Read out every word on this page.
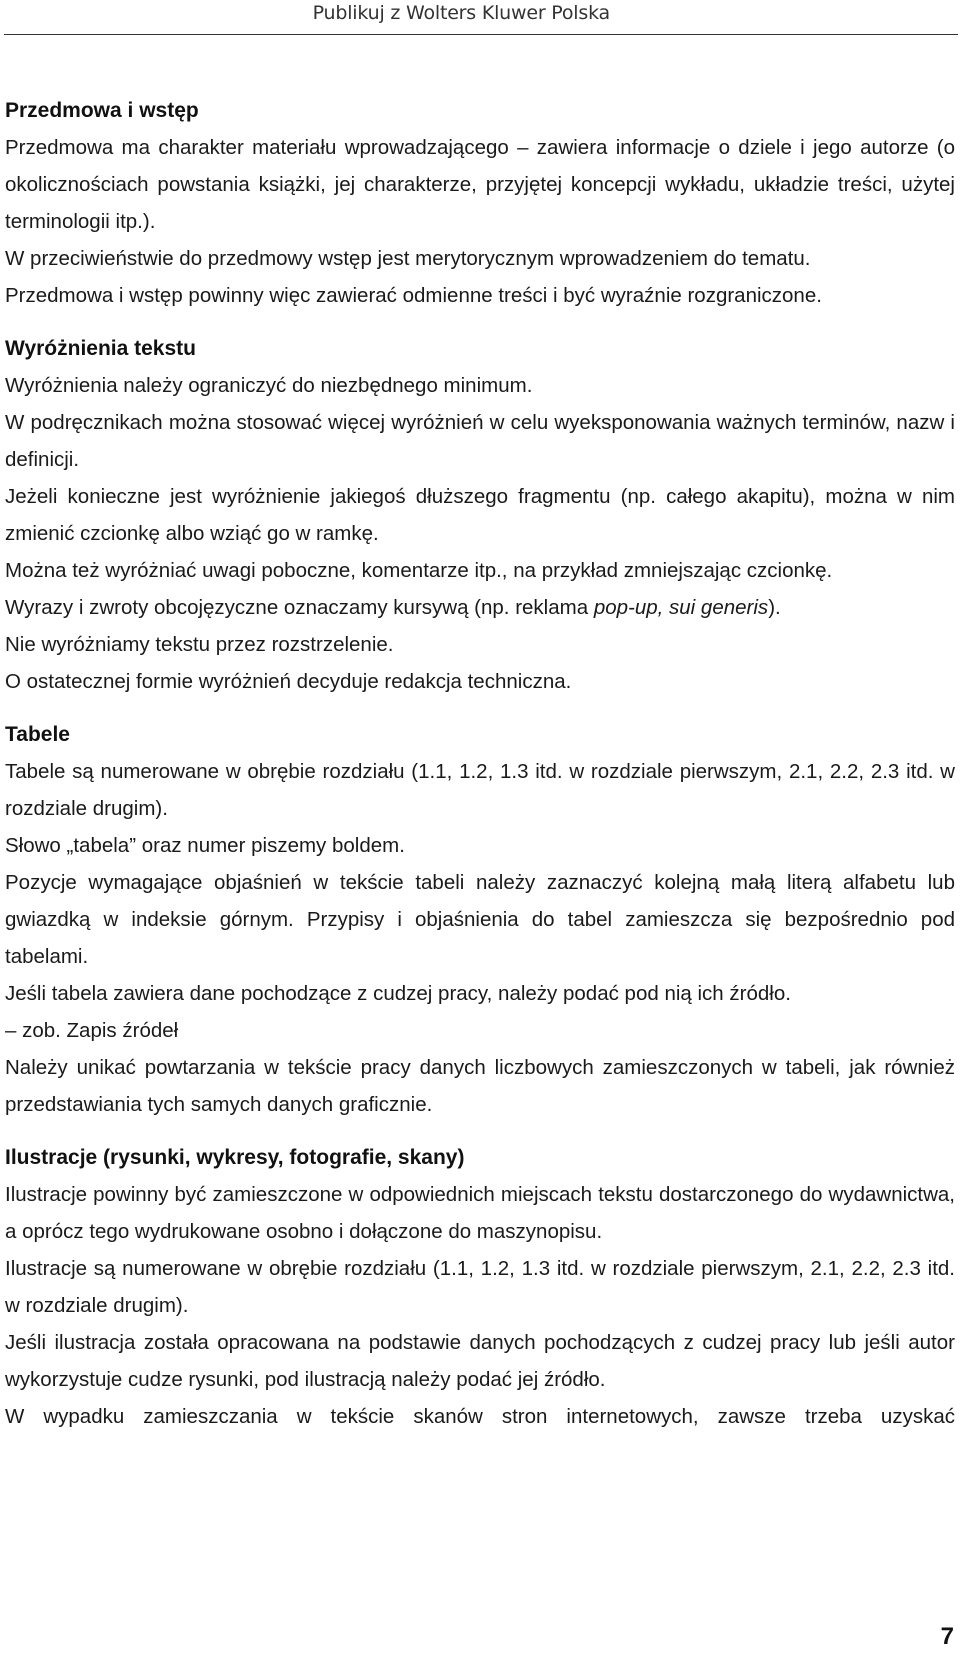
Publikuj z Wolters Kluwer Polska
Przedmowa i wstęp

Przedmowa ma charakter materiału wprowadzającego – zawiera informacje o dziele i jego autorze (o okolicznościach powstania książki, jej charakterze, przyjętej koncepcji wykładu, układzie treści, użytej terminologii itp.).

W przeciwieństwie do przedmowy wstęp jest merytorycznym wprowadzeniem do tematu.

Przedmowa i wstęp powinny więc zawierać odmienne treści i być wyraźnie rozgraniczone.

Wyróżnienia tekstu

Wyróżnienia należy ograniczyć do niezbędnego minimum.

W podręcznikach można stosować więcej wyróżnień w celu wyeksponowania ważnych terminów, nazw i definicji.

Jeżeli konieczne jest wyróżnienie jakiegoś dłuższego fragmentu (np. całego akapitu), można w nim zmienić czcionkę albo wziąć go w ramkę.

Można też wyróżniać uwagi poboczne, komentarze itp., na przykład zmniejszając czcionkę.

Wyrazy i zwroty obcojęzyczne oznaczamy kursywą (np. reklama pop-up, sui generis).

Nie wyróżniamy tekstu przez rozstrzelenie.

O ostatecznej formie wyróżnień decyduje redakcja techniczna.

Tabele

Tabele są numerowane w obrębie rozdziału (1.1, 1.2, 1.3 itd. w rozdziale pierwszym, 2.1, 2.2, 2.3 itd. w rozdziale drugim).

Słowo „tabela” oraz numer piszemy boldem.

Pozycje wymagające objaśnień w tekście tabeli należy zaznaczyć kolejną małą literą alfabetu lub gwiazdką w indeksie górnym. Przypisy i objaśnienia do tabel zamieszcza się bezpośrednio pod tabelami.

Jeśli tabela zawiera dane pochodzące z cudzej pracy, należy podać pod nią ich źródło.

– zob. Zapis źródeł

Należy unikać powtarzania w tekście pracy danych liczbowych zamieszczonych w tabeli, jak również przedstawiania tych samych danych graficznie.

Ilustracje (rysunki, wykresy, fotografie, skany)

Ilustracje powinny być zamieszczone w odpowiednich miejscach tekstu dostarczonego do wydawnictwa, a oprócz tego wydrukowane osobno i dołączone do maszynopisu.

Ilustracje są numerowane w obrębie rozdziału (1.1, 1.2, 1.3 itd. w rozdziale pierwszym, 2.1, 2.2, 2.3 itd. w rozdziale drugim).

Jeśli ilustracja została opracowana na podstawie danych pochodzących z cudzej pracy lub jeśli autor wykorzystuje cudze rysunki, pod ilustracją należy podać jej źródło.

W wypadku zamieszczania w tekście skanów stron internetowych, zawsze trzeba uzyskać

7
